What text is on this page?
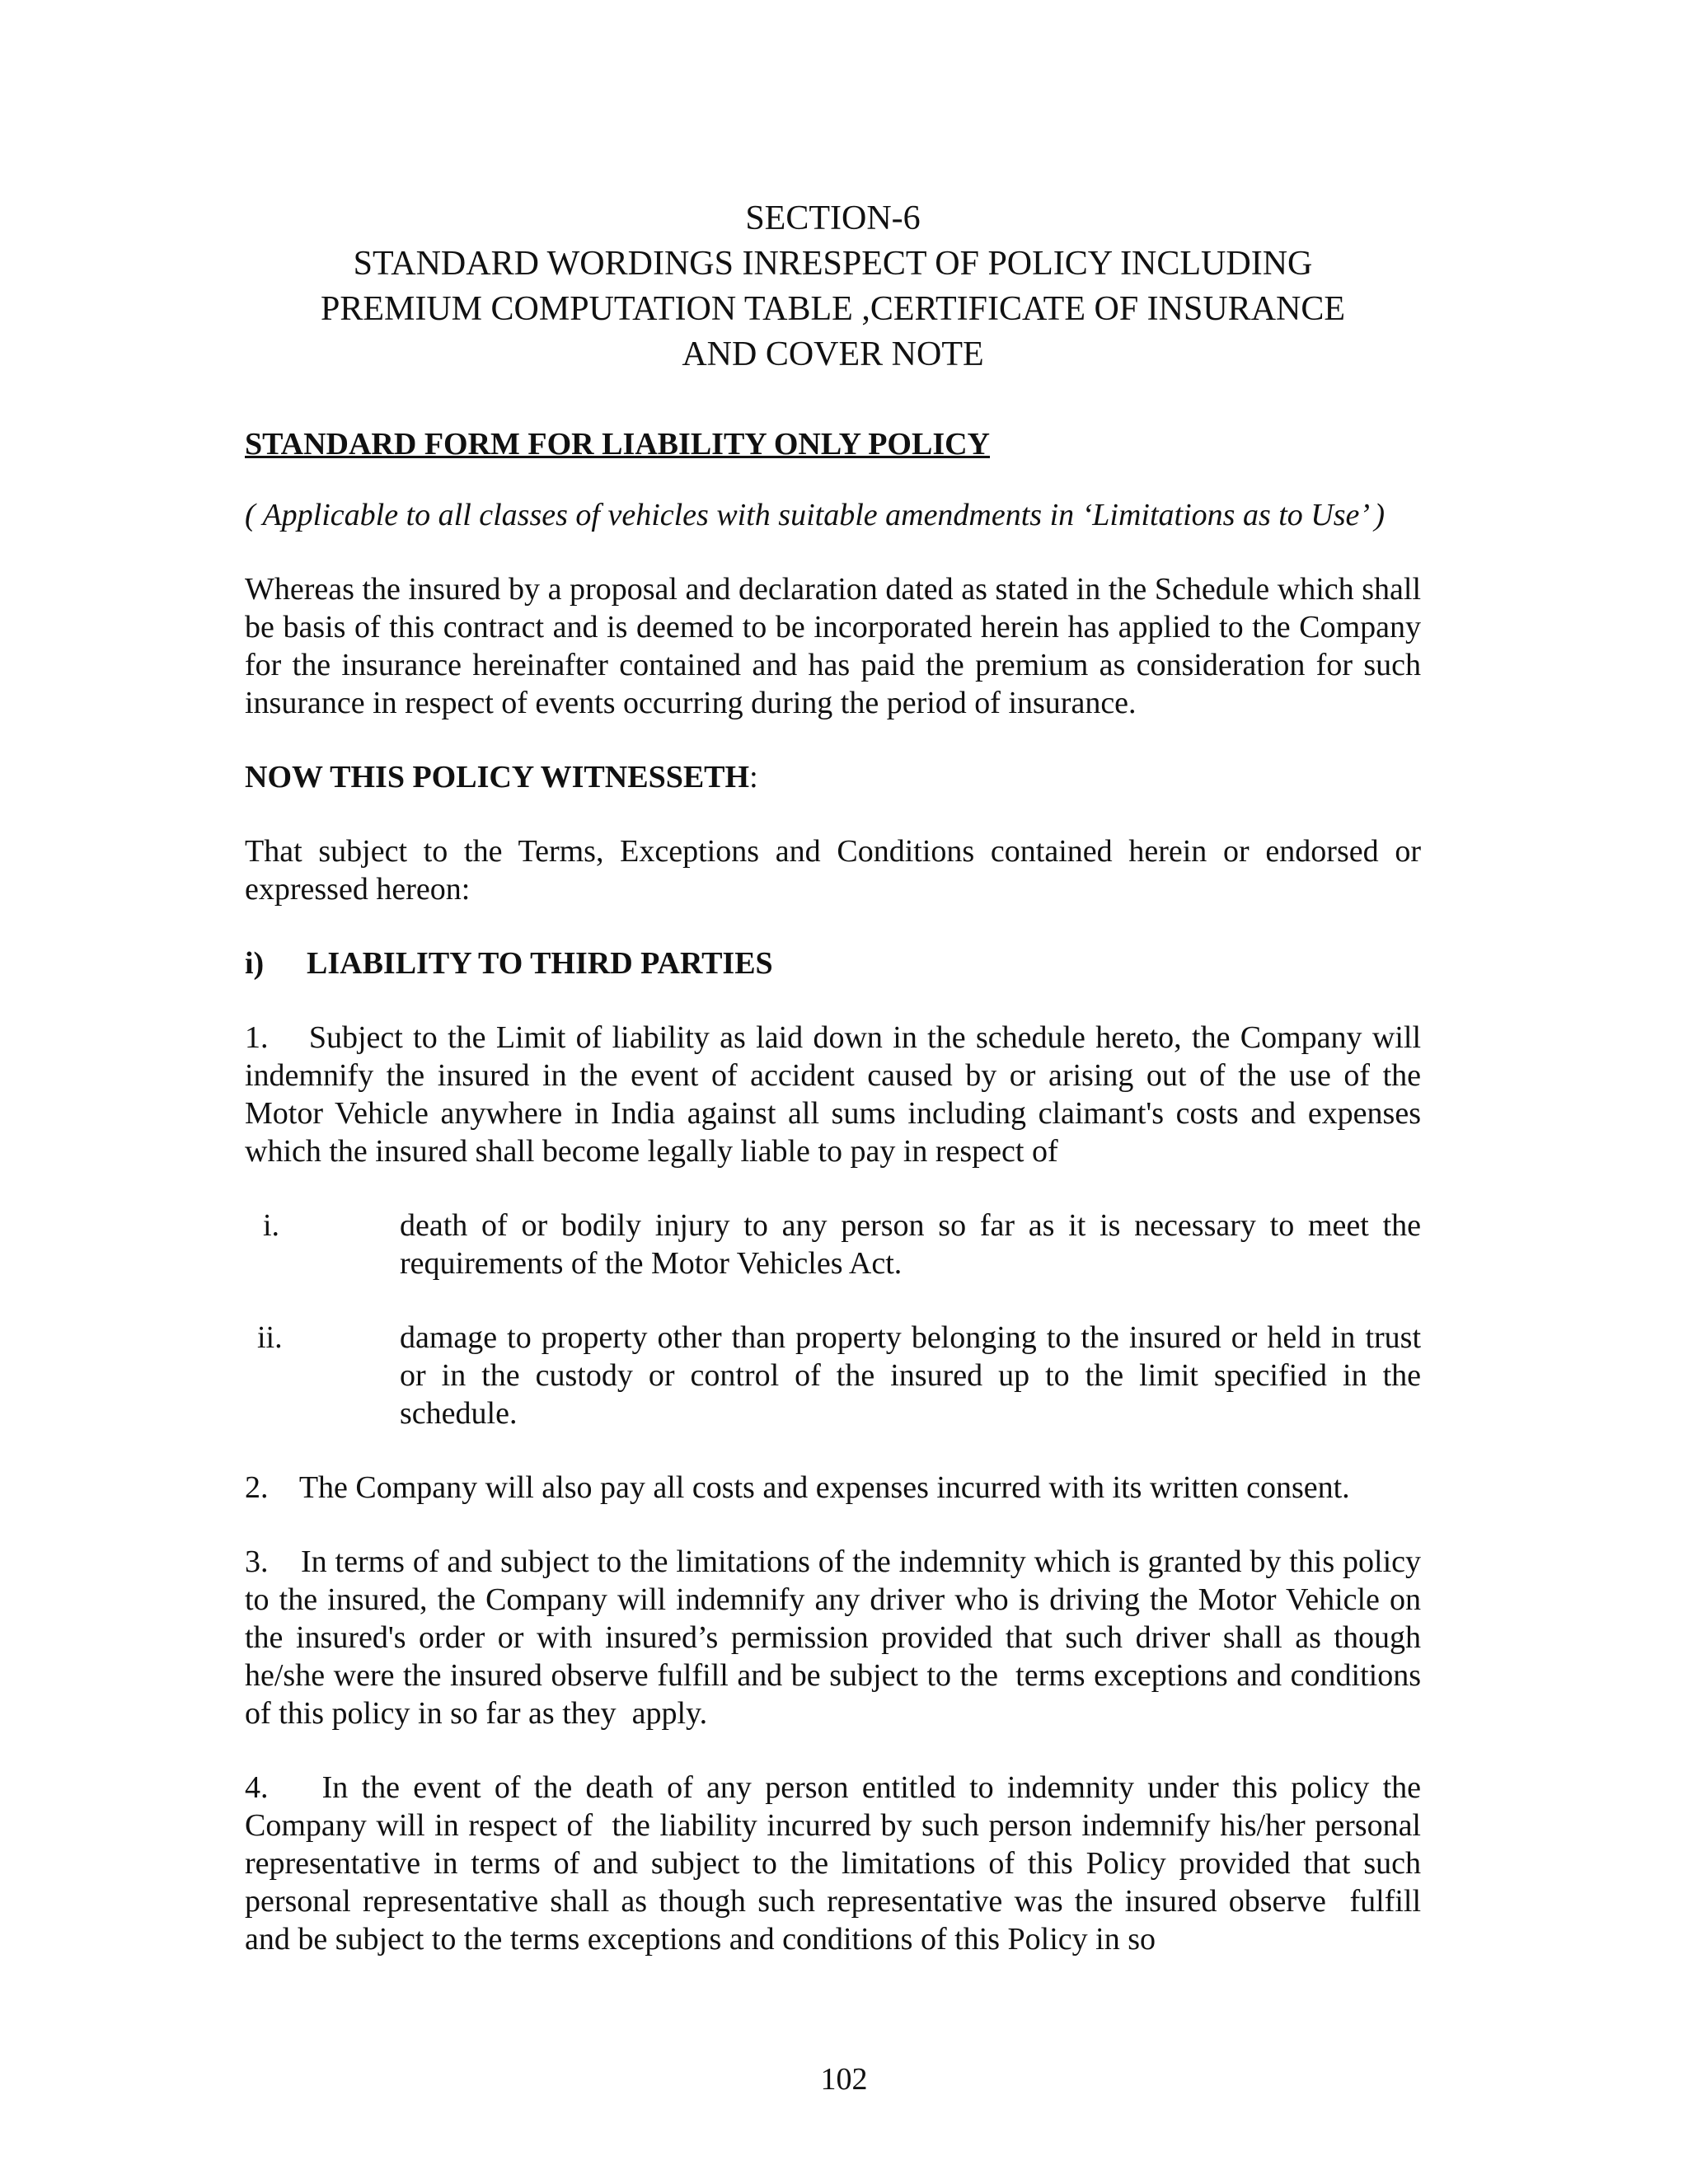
SECTION-6
STANDARD WORDINGS INRESPECT OF POLICY INCLUDING
PREMIUM COMPUTATION TABLE ,CERTIFICATE OF INSURANCE
AND COVER NOTE
STANDARD FORM FOR LIABILITY ONLY POLICY

( Applicable to all classes of vehicles with suitable amendments in ‘Limitations as to Use’ )

Whereas the insured by a proposal and declaration dated as stated in the Schedule which shall be basis of this contract and is deemed to be incorporated herein has applied to the Company for the insurance hereinafter contained and has paid the premium as consideration for such insurance in respect of events occurring during the period of insurance.

NOW THIS POLICY WITNESSETH:

That subject to the Terms, Exceptions and Conditions contained herein or endorsed or expressed hereon:

i)	LIABILITY TO THIRD PARTIES

1.    Subject to the Limit of liability as laid down in the schedule hereto, the Company will indemnify the insured in the event of accident caused by or arising out of the use of the Motor Vehicle anywhere in India against all sums including claimant's costs and expenses which the insured shall become legally liable to pay in respect of

i.	death of or bodily injury to any person so far as it is necessary to meet the requirements of the Motor Vehicles Act.

ii.	damage to property other than property belonging to the insured or held in trust or in the custody or control of the insured up to the limit specified in the schedule.

2.    The Company will also pay all costs and expenses incurred with its written consent.

3.    In terms of and subject to the limitations of the indemnity which is granted by this policy to the insured, the Company will indemnify any driver who is driving the Motor Vehicle on the insured's order or with insured’s permission provided that such driver shall as though he/she were the insured observe fulfill and be subject to the  terms exceptions and conditions of this policy in so far as they  apply.

4.    In the event of the death of any person entitled to indemnity under this policy the Company will in respect of  the liability incurred by such person indemnify his/her personal representative in terms of and subject to the limitations of this Policy provided that such personal representative shall as though such representative was the insured observe  fulfill and be subject to the terms exceptions and conditions of this Policy in so

102
